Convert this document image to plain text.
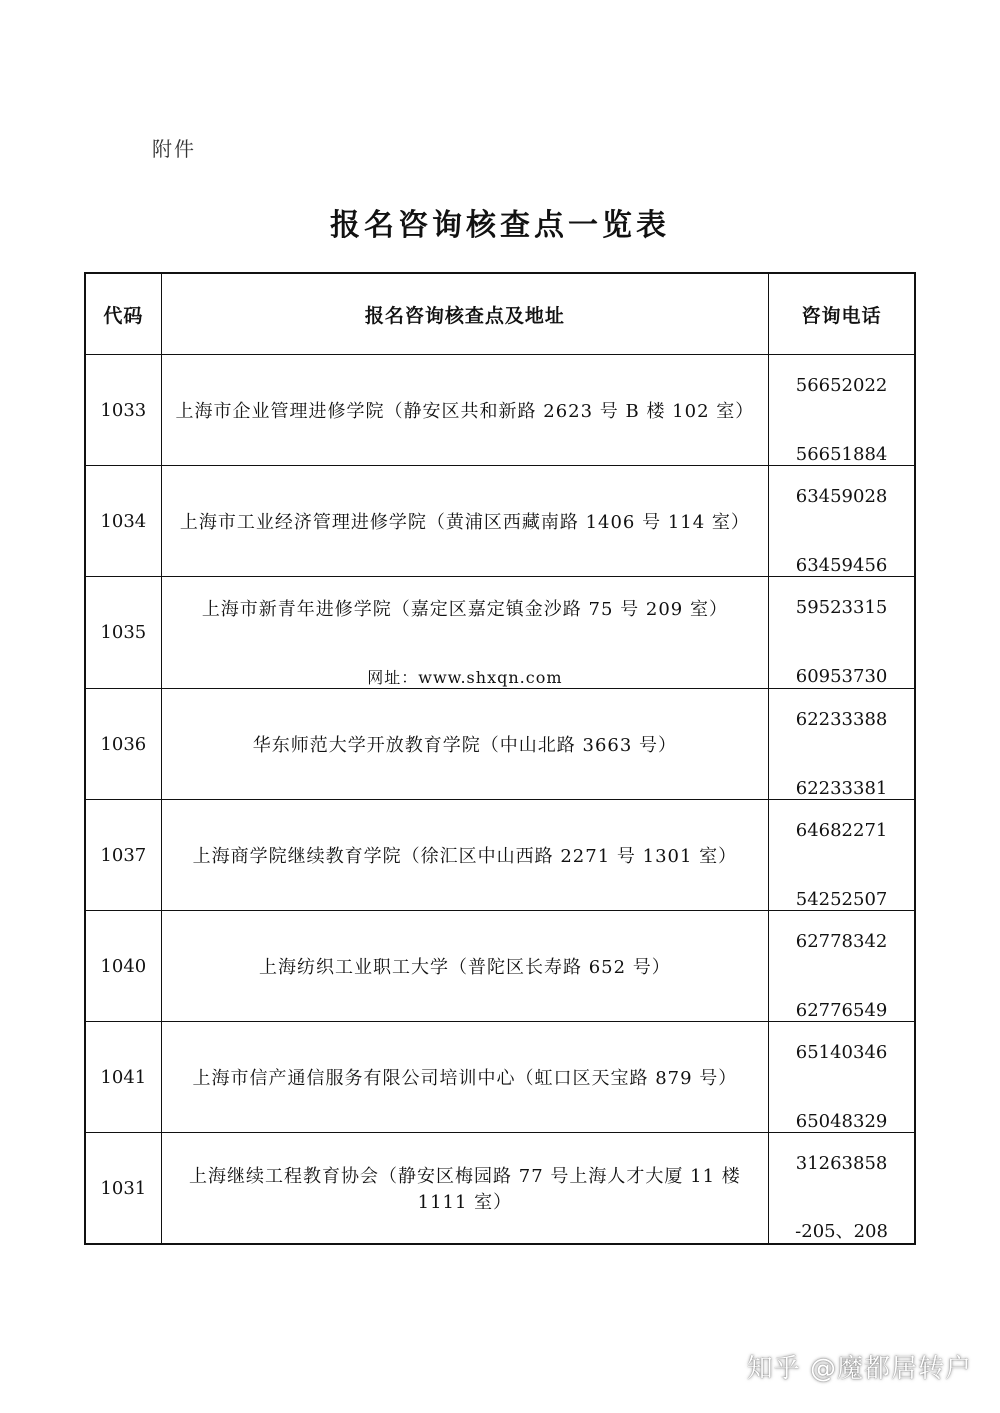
附件
报名咨询核查点一览表
代码	报名咨询核查点及地址	咨询电话
1033	上海市企业管理进修学院（静安区共和新路 2623 号 B 楼 102 室）	56652022
56651884

1034	上海市工业经济管理进修学院（黄浦区西藏南路 1406 号 114 室）	63459028
63459456

1035	上海市新青年进修学院（嘉定区嘉定镇金沙路 75 号 209 室）
网址：www.shxqn.com	59523315
60953730

1036	华东师范大学开放教育学院（中山北路 3663 号）	62233388
62233381

1037	上海商学院继续教育学院（徐汇区中山西路 2271 号 1301 室）	64682271
54252507

1040	上海纺织工业职工大学（普陀区长寿路 652 号）	62778342
62776549

1041	上海市信产通信服务有限公司培训中心（虹口区天宝路 879 号）	65140346
65048329

1031	上海继续工程教育协会（静安区梅园路 77 号上海人才大厦 11 楼 1111 室）	31263858
-205、208
知乎 @魔都居转户
